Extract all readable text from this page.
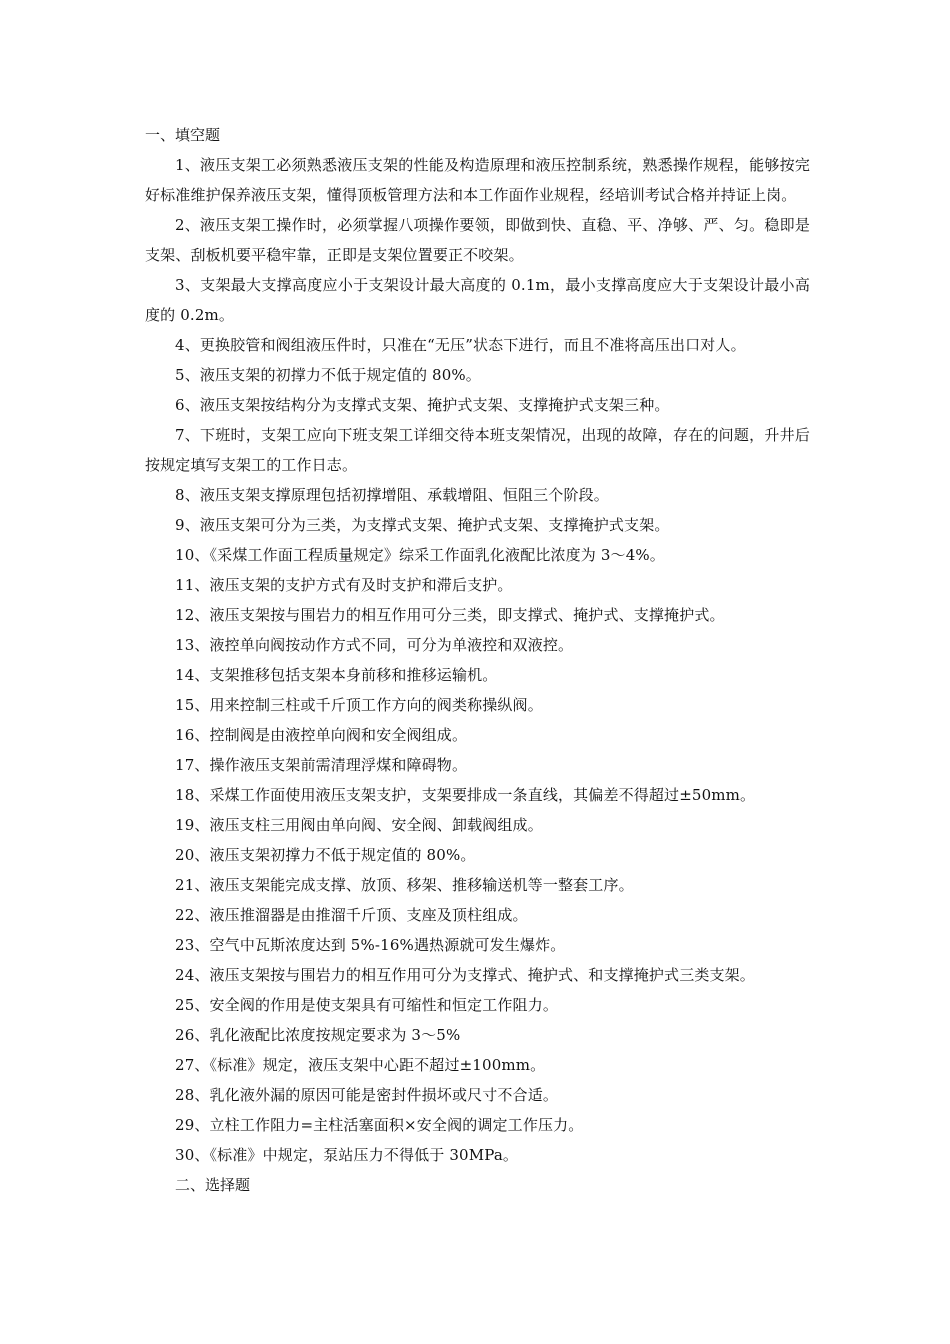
一、填空题

1、液压支架工必须熟悉液压支架的性能及构造原理和液压控制系统，熟悉操作规程，能够按完好标准维护保养液压支架，懂得顶板管理方法和本工作面作业规程，经培训考试合格并持证上岗。

2、液压支架工操作时，必须掌握八项操作要领，即做到快、直稳、平、净够、严、匀。稳即是支架、刮板机要平稳牢靠，正即是支架位置要正不咬架。

3、支架最大支撑高度应小于支架设计最大高度的 0.1m，最小支撑高度应大于支架设计最小高度的 0.2m。

4、更换胶管和阀组液压件时，只准在“无压”状态下进行，而且不准将高压出口对人。

5、液压支架的初撑力不低于规定值的 80%。

6、液压支架按结构分为支撑式支架、掩护式支架、支撑掩护式支架三种。

7、下班时，支架工应向下班支架工详细交待本班支架情况，出现的故障，存在的问题，升井后按规定填写支架工的工作日志。

8、液压支架支撑原理包括初撑增阻、承载增阻、恒阻三个阶段。

9、液压支架可分为三类，为支撑式支架、掩护式支架、支撑掩护式支架。

10、《采煤工作面工程质量规定》综采工作面乳化液配比浓度为 3～4%。

11、液压支架的支护方式有及时支护和滞后支护。

12、液压支架按与围岩力的相互作用可分三类，即支撑式、掩护式、支撑掩护式。

13、液控单向阀按动作方式不同，可分为单液控和双液控。

14、支架推移包括支架本身前移和推移运输机。

15、用来控制三柱或千斤顶工作方向的阀类称操纵阀。

16、控制阀是由液控单向阀和安全阀组成。

17、操作液压支架前需清理浮煤和障碍物。

18、采煤工作面使用液压支架支护，支架要排成一条直线，其偏差不得超过±50mm。

19、液压支柱三用阀由单向阀、安全阀、卸载阀组成。

20、液压支架初撑力不低于规定值的 80%。

21、液压支架能完成支撑、放顶、移架、推移输送机等一整套工序。

22、液压推溜器是由推溜千斤顶、支座及顶柱组成。

23、空气中瓦斯浓度达到 5%-16%遇热源就可发生爆炸。

24、液压支架按与围岩力的相互作用可分为支撑式、掩护式、和支撑掩护式三类支架。

25、安全阀的作用是使支架具有可缩性和恒定工作阻力。

26、乳化液配比浓度按规定要求为 3～5%

27、《标准》规定，液压支架中心距不超过±100mm。

28、乳化液外漏的原因可能是密封件损坏或尺寸不合适。

29、立柱工作阻力=主柱活塞面积×安全阀的调定工作压力。

30、《标准》中规定，泵站压力不得低于 30MPa。

二、选择题
